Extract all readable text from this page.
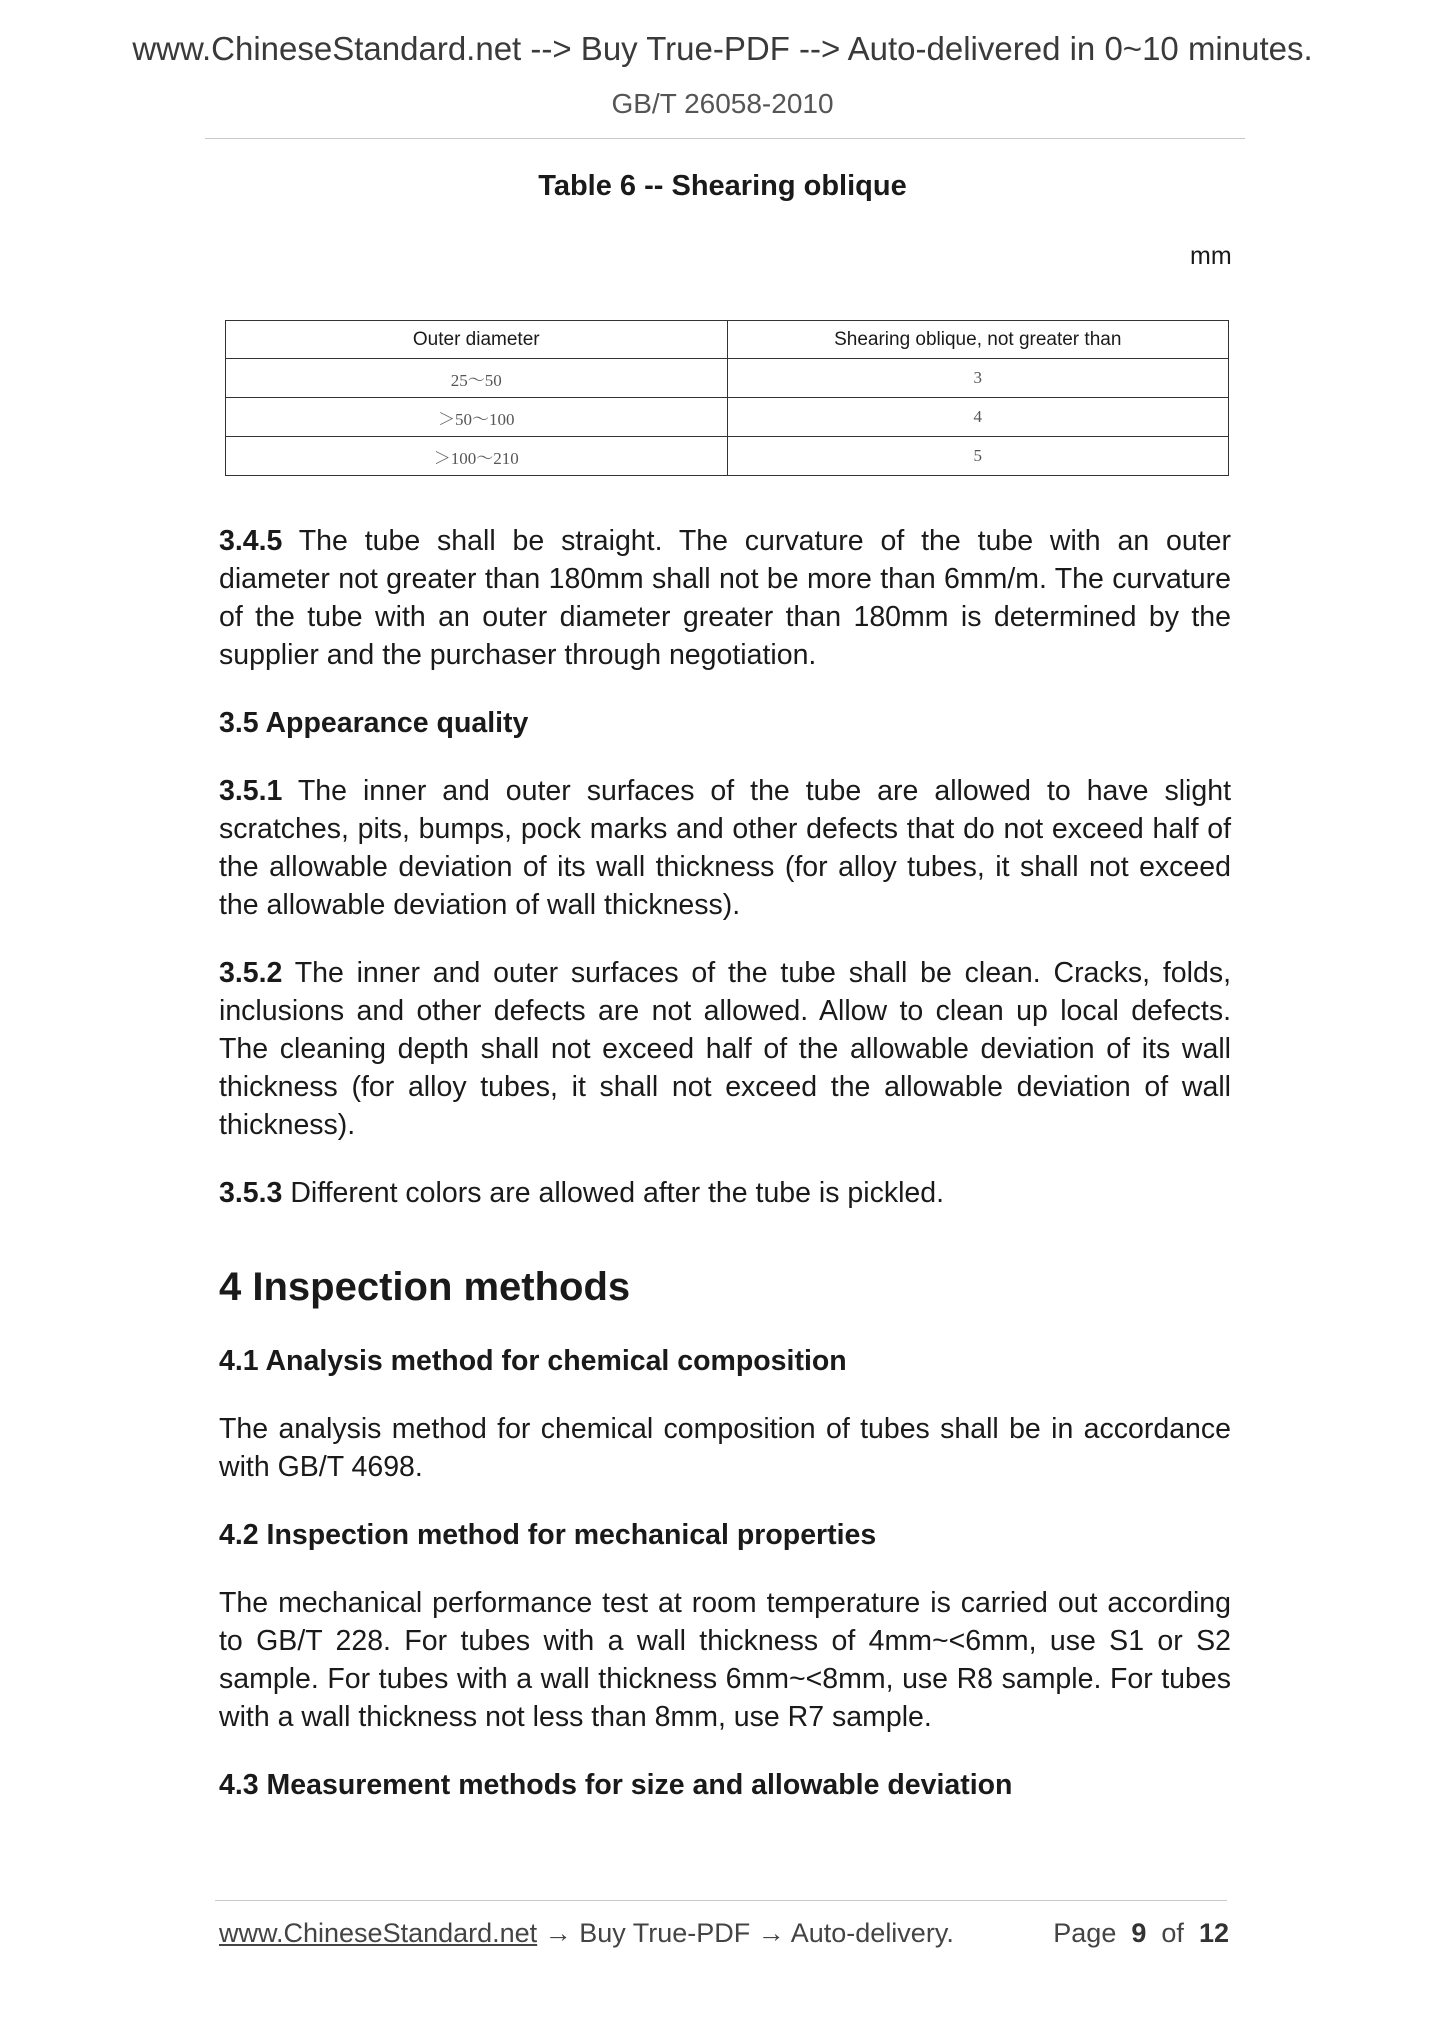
www.ChineseStandard.net --> Buy True-PDF --> Auto-delivered in 0~10 minutes.
GB/T 26058-2010
Table 6 -- Shearing oblique
mm
Outer diameter	Shearing oblique, not greater than
25～50	3
＞50～100	4
＞100～210	5

3.4.5 The tube shall be straight. The curvature of the tube with an outer diameter not greater than 180mm shall not be more than 6mm/m. The curvature of the tube with an outer diameter greater than 180mm is determined by the supplier and the purchaser through negotiation.

3.5 Appearance quality

3.5.1 The inner and outer surfaces of the tube are allowed to have slight scratches, pits, bumps, pock marks and other defects that do not exceed half of the allowable deviation of its wall thickness (for alloy tubes, it shall not exceed the allowable deviation of wall thickness).

3.5.2 The inner and outer surfaces of the tube shall be clean. Cracks, folds, inclusions and other defects are not allowed. Allow to clean up local defects. The cleaning depth shall not exceed half of the allowable deviation of its wall thickness (for alloy tubes, it shall not exceed the allowable deviation of wall thickness).

3.5.3 Different colors are allowed after the tube is pickled.

4 Inspection methods
4.1 Analysis method for chemical composition

The analysis method for chemical composition of tubes shall be in accordance with GB/T 4698.

4.2 Inspection method for mechanical properties

The mechanical performance test at room temperature is carried out according to GB/T 228. For tubes with a wall thickness of 4mm~<6mm, use S1 or S2 sample. For tubes with a wall thickness 6mm~<8mm, use R8 sample. For tubes with a wall thickness not less than 8mm, use R7 sample.

4.3 Measurement methods for size and allowable deviation
www.ChineseStandard.net → Buy True-PDF → Auto-delivery.	Page 9 of 12
